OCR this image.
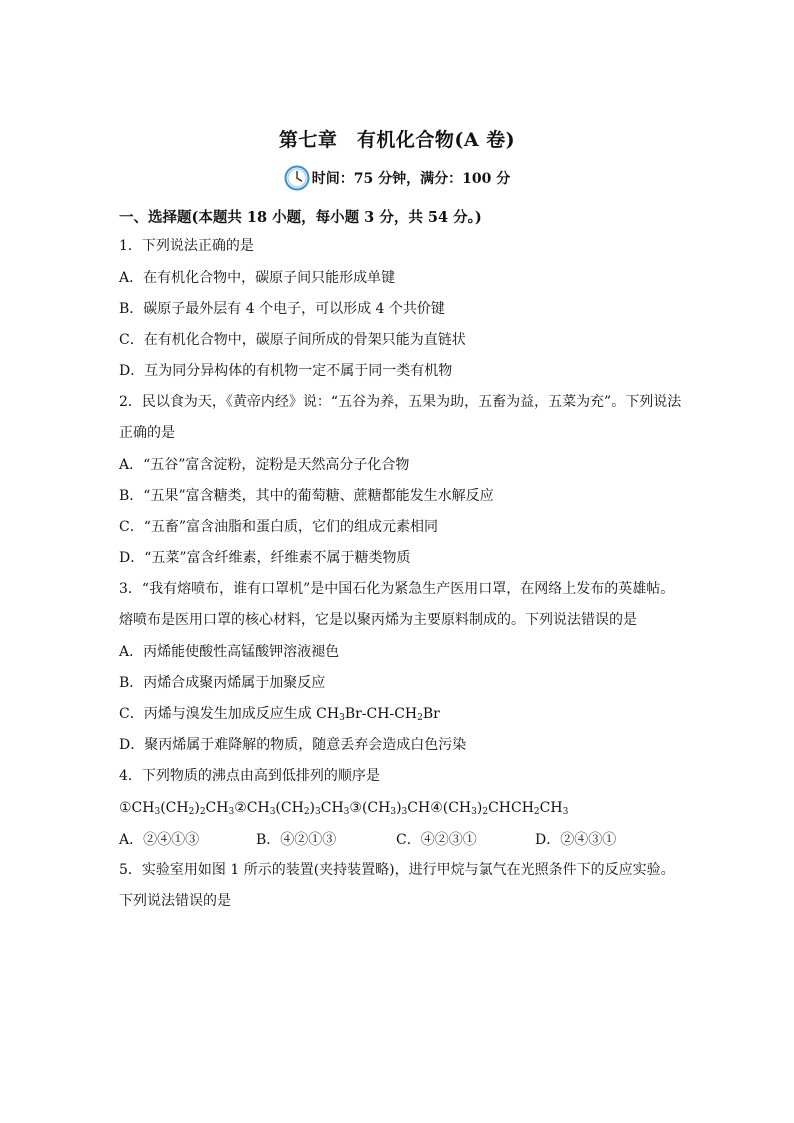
第七章　有机化合物(A 卷)
时间：75 分钟，满分：100 分
一、选择题(本题共 18 小题，每小题 3 分，共 54 分。)
1．下列说法正确的是
A．在有机化合物中，碳原子间只能形成单键
B．碳原子最外层有 4 个电子，可以形成 4 个共价键
C．在有机化合物中，碳原子间所成的骨架只能为直链状
D．互为同分异构体的有机物一定不属于同一类有机物
2．民以食为天，《黄帝内经》说：“五谷为养，五果为助，五畜为益，五菜为充”。下列说法
正确的是
A．“五谷”富含淀粉，淀粉是天然高分子化合物
B．“五果”富含糖类，其中的葡萄糖、蔗糖都能发生水解反应
C．“五畜”富含油脂和蛋白质，它们的组成元素相同
D．“五菜”富含纤维素，纤维素不属于糖类物质
3．“我有熔喷布，谁有口罩机”是中国石化为紧急生产医用口罩，在网络上发布的英雄帖。
熔喷布是医用口罩的核心材料，它是以聚丙烯为主要原料制成的。下列说法错误的是
A．丙烯能使酸性高锰酸钾溶液褪色
B．丙烯合成聚丙烯属于加聚反应
C．丙烯与溴发生加成反应生成 $CH_3Br-CH-CH_2Br$
D．聚丙烯属于难降解的物质，随意丢弃会造成白色污染
4．下列物质的沸点由高到低排列的顺序是
$①CH_3(CH_2)_2CH_3②CH_3(CH_2)_3CH_3③(CH_3)_3CH④(CH_3)_2CHCH_2CH_3$
A．②④①③	B．④②①③	C．④②③①	D．②④③①
5．实验室用如图 1 所示的装置(夹持装置略)，进行甲烷与氯气在光照条件下的反应实验。
下列说法错误的是
